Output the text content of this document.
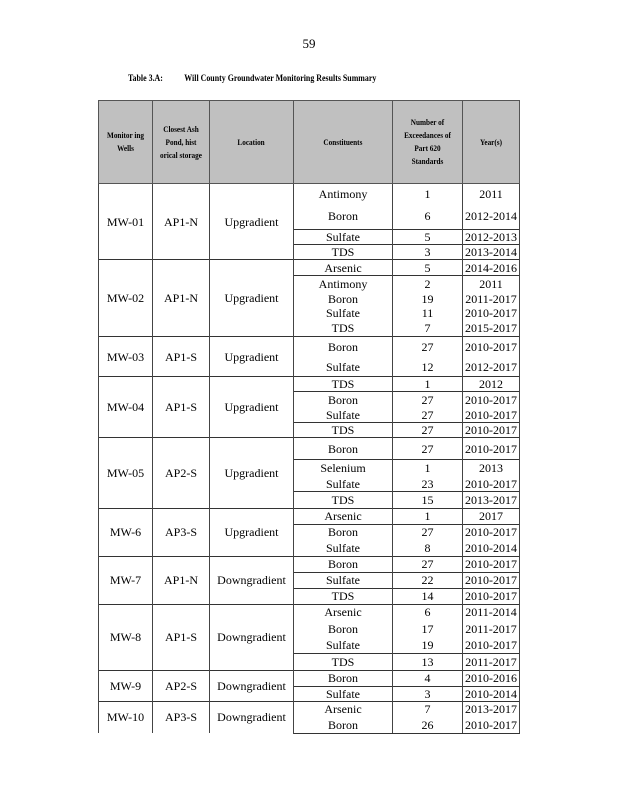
59
Table 3.A: Will County Groundwater Monitoring Results Summary
Monitor ing Wells	Closest Ash Pond, hist orical storage	Location	Constituents	Number of Exceedances of Part 620 Standards	Year(s)
MW-01	AP1-N	Upgradient	Antimony	1	2011
			Boron	6	2012-2014
			Sulfate	5	2012-2013
			TDS	3	2013-2014
MW-02	AP1-N	Upgradient	Arsenic	5	2014-2016
			Antimony	2	2011
			Boron	19	2011-2017
			Sulfate	11	2010-2017
			TDS	7	2015-2017
MW-03	AP1-S	Upgradient	Boron	27	2010-2017
			Sulfate	12	2012-2017
MW-04	AP1-S	Upgradient	TDS	1	2012
			Boron	27	2010-2017
			Sulfate	27	2010-2017
			TDS	27	2010-2017
MW-05	AP2-S	Upgradient	Boron	27	2010-2017
			Selenium	1	2013
			Sulfate	23	2010-2017
			TDS	15	2013-2017
MW-6	AP3-S	Upgradient	Arsenic	1	2017
			Boron	27	2010-2017
			Sulfate	8	2010-2014
MW-7	AP1-N	Downgradient	Boron	27	2010-2017
			Sulfate	22	2010-2017
			TDS	14	2010-2017
MW-8	AP1-S	Downgradient	Arsenic	6	2011-2014
			Boron	17	2011-2017
			Sulfate	19	2010-2017
			TDS	13	2011-2017
MW-9	AP2-S	Downgradient	Boron	4	2010-2016
			Sulfate	3	2010-2014
MW-10	AP3-S	Downgradient	Arsenic	7	2013-2017
			Boron	26	2010-2017
